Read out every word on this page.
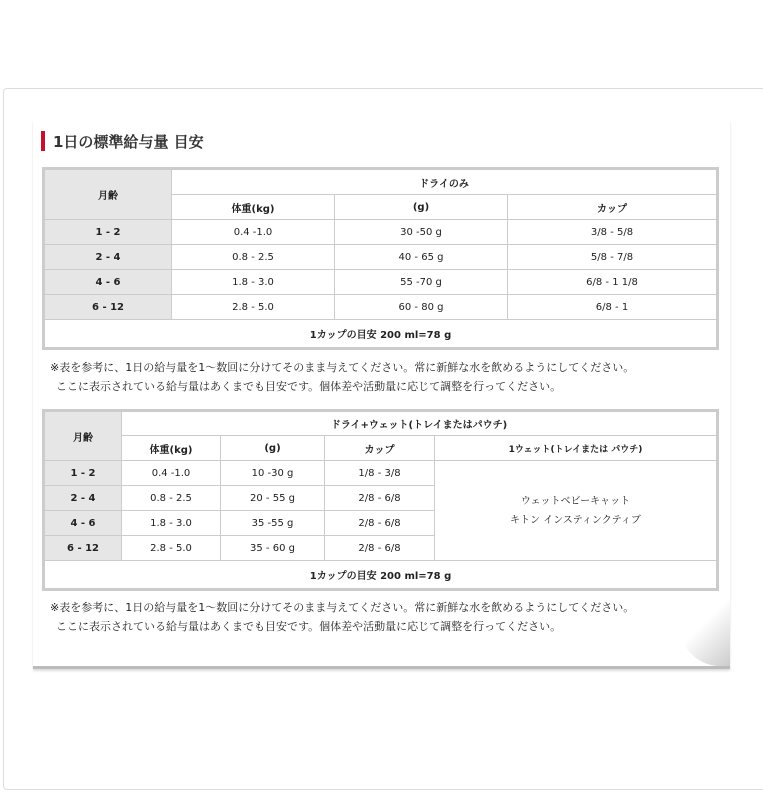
1日の標準給与量 目安
月齢	ドライのみ		
	体重(kg)	(g)	カップ
1 - 2	0.4 -1.0	30 -50 g	3/8 - 5/8
2 - 4	0.8 - 2.5	40 - 65 g	5/8 - 7/8
4 - 6	1.8 - 3.0	55 -70 g	6/8 - 1 1/8
6 - 12	2.8 - 5.0	60 - 80 g	6/8 - 1
1カップの目安 200 ml=78 g			
※表を参考に、1日の給与量を1～数回に分けてそのまま与えてください。常に新鮮な水を飲めるようにしてください。
ここに表示されている給与量はあくまでも目安です。個体差や活動量に応じて調整を行ってください。
月齢	ドライ+ウェット(トレイまたはパウチ)			
	体重(kg)	(g)	カップ	1ウェット(トレイまたは パウチ)
1 - 2	0.4 -1.0	10 -30 g	1/8 - 3/8	ウェットベビーキャット
キトン インスティンクティブ

2 - 4	0.8 - 2.5	20 - 55 g	2/8 - 6/8	
4 - 6	1.8 - 3.0	35 -55 g	2/8 - 6/8	
6 - 12	2.8 - 5.0	35 - 60 g	2/8 - 6/8	
1カップの目安 200 ml=78 g				
※表を参考に、1日の給与量を1～数回に分けてそのまま与えてください。常に新鮮な水を飲めるようにしてください。
ここに表示されている給与量はあくまでも目安です。個体差や活動量に応じて調整を行ってください。
